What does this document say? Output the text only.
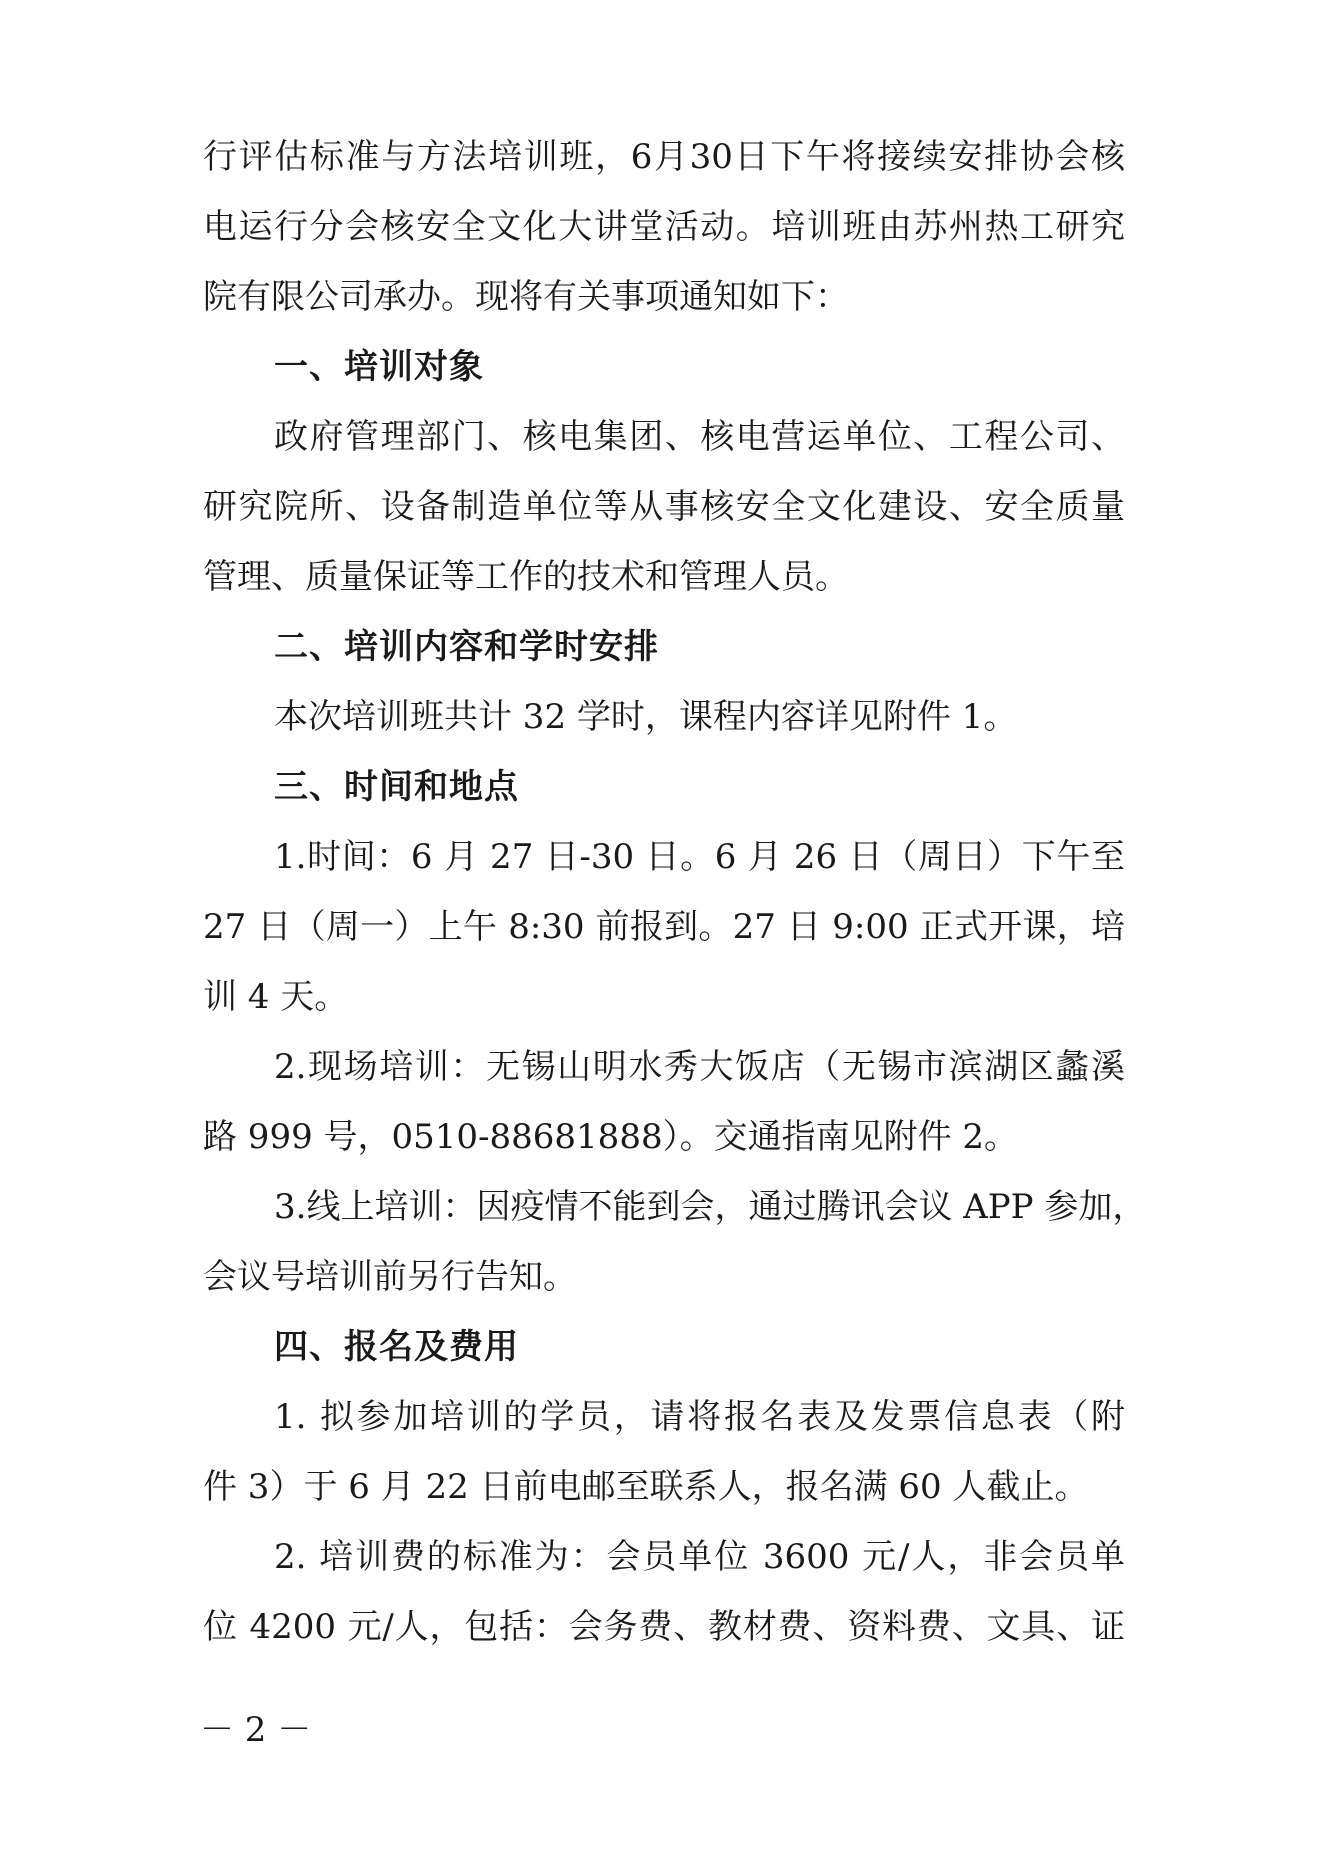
行评估标准与方法培训班，6月30日下午将接续安排协会核
电运行分会核安全文化大讲堂活动。培训班由苏州热工研究
院有限公司承办。现将有关事项通知如下：
一、培训对象
政府管理部门、核电集团、核电营运单位、工程公司、
研究院所、设备制造单位等从事核安全文化建设、安全质量
管理、质量保证等工作的技术和管理人员。
二、培训内容和学时安排
本次培训班共计 32 学时，课程内容详见附件 1。
三、时间和地点
1.时间：6 月 27 日-30 日。6 月 26 日（周日）下午至
27 日（周一）上午 8:30 前报到。27 日 9:00 正式开课，培
训 4 天。
2.现场培训：无锡山明水秀大饭店（无锡市滨湖区蠡溪
路 999 号，0510-88681888）。交通指南见附件 2。
3.线上培训：因疫情不能到会，通过腾讯会议 APP 参加，
会议号培训前另行告知。
四、报名及费用
1. 拟参加培训的学员，请将报名表及发票信息表（附
件 3）于 6 月 22 日前电邮至联系人，报名满 60 人截止。
2. 培训费的标准为：会员单位 3600 元/人，非会员单
位 4200 元/人，包括：会务费、教材费、资料费、文具、证
－ 2 －
